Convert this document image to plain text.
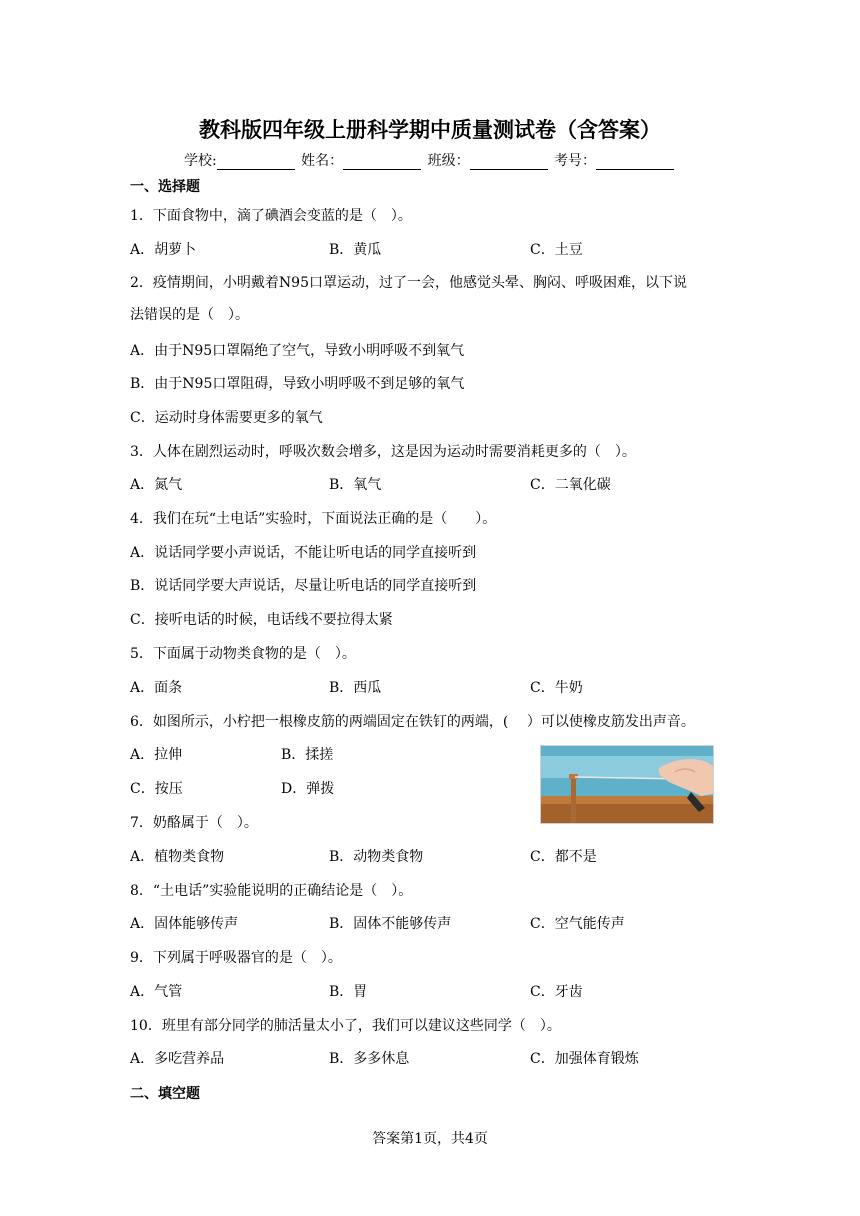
教科版四年级上册科学期中质量测试卷（含答案）
学校:	姓名：	班级：	考号：
一、选择题
1．下面食物中，滴了碘酒会变蓝的是（　）。
A．胡萝卜	B．黄瓜	C．土豆
2．疫情期间，小明戴着N95口罩运动，过了一会，他感觉头晕、胸闷、呼吸困难，以下说
法错误的是（　）。
A．由于N95口罩隔绝了空气，导致小明呼吸不到氧气
B．由于N95口罩阻碍，导致小明呼吸不到足够的氧气
C．运动时身体需要更多的氧气
3．人体在剧烈运动时，呼吸次数会增多，这是因为运动时需要消耗更多的（　）。
A．氮气	B．氧气	C．二氧化碳
4．我们在玩“土电话”实验时，下面说法正确的是（　　）。
A．说话同学要小声说话，不能让听电话的同学直接听到
B．说话同学要大声说话，尽量让听电话的同学直接听到
C．接听电话的时候，电话线不要拉得太紧
5．下面属于动物类食物的是（　）。
A．面条	B．西瓜	C．牛奶
6．如图所示，小柠把一根橡皮筋的两端固定在铁钉的两端，(　 ）可以使橡皮筋发出声音。
A．拉伸	B．揉搓
C．按压	D．弹拨
7．奶酪属于（　）。
A．植物类食物	B．动物类食物	C．都不是
8．“土电话”实验能说明的正确结论是（　）。
A．固体能够传声	B．固体不能够传声	C．空气能传声
9．下列属于呼吸器官的是（　）。
A．气管	B．胃	C．牙齿
10．班里有部分同学的肺活量太小了，我们可以建议这些同学（　）。
A．多吃营养品	B．多多休息	C．加强体育锻炼
二、填空题
答案第1页，共4页
